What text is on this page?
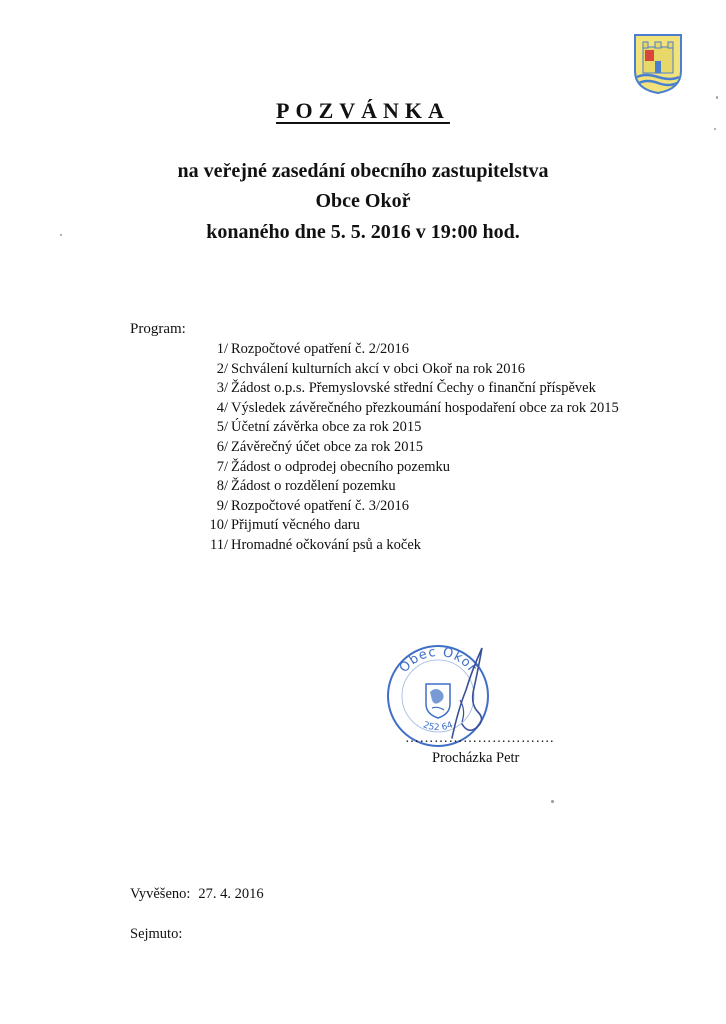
POZVÁNKA
na veřejné zasedání obecního zastupitelstva
Obce Okoř
konaného dne 5. 5. 2016 v 19:00 hod.
Program:
1/ Rozpočtové opatření č. 2/2016
2/ Schválení kulturních akcí v obci Okoř na rok 2016
3/ Žádost o.p.s. Přemyslovské střední Čechy o finanční příspěvek
4/ Výsledek závěrečného přezkoumání hospodaření obce za rok 2015
5/ Účetní závěrka obce za rok 2015
6/ Závěrečný účet obce za rok 2015
7/ Žádost o odprodej obecního pozemku
8/ Žádost o rozdělení pozemku
9/ Rozpočtové opatření č. 3/2016
10/ Přijmutí věcného daru
11/ Hromadné očkování psů a koček
Obec Okoř
252 64
………………………….
Procházka Petr
Vyvěšeno: 27. 4. 2016
Sejmuto:
